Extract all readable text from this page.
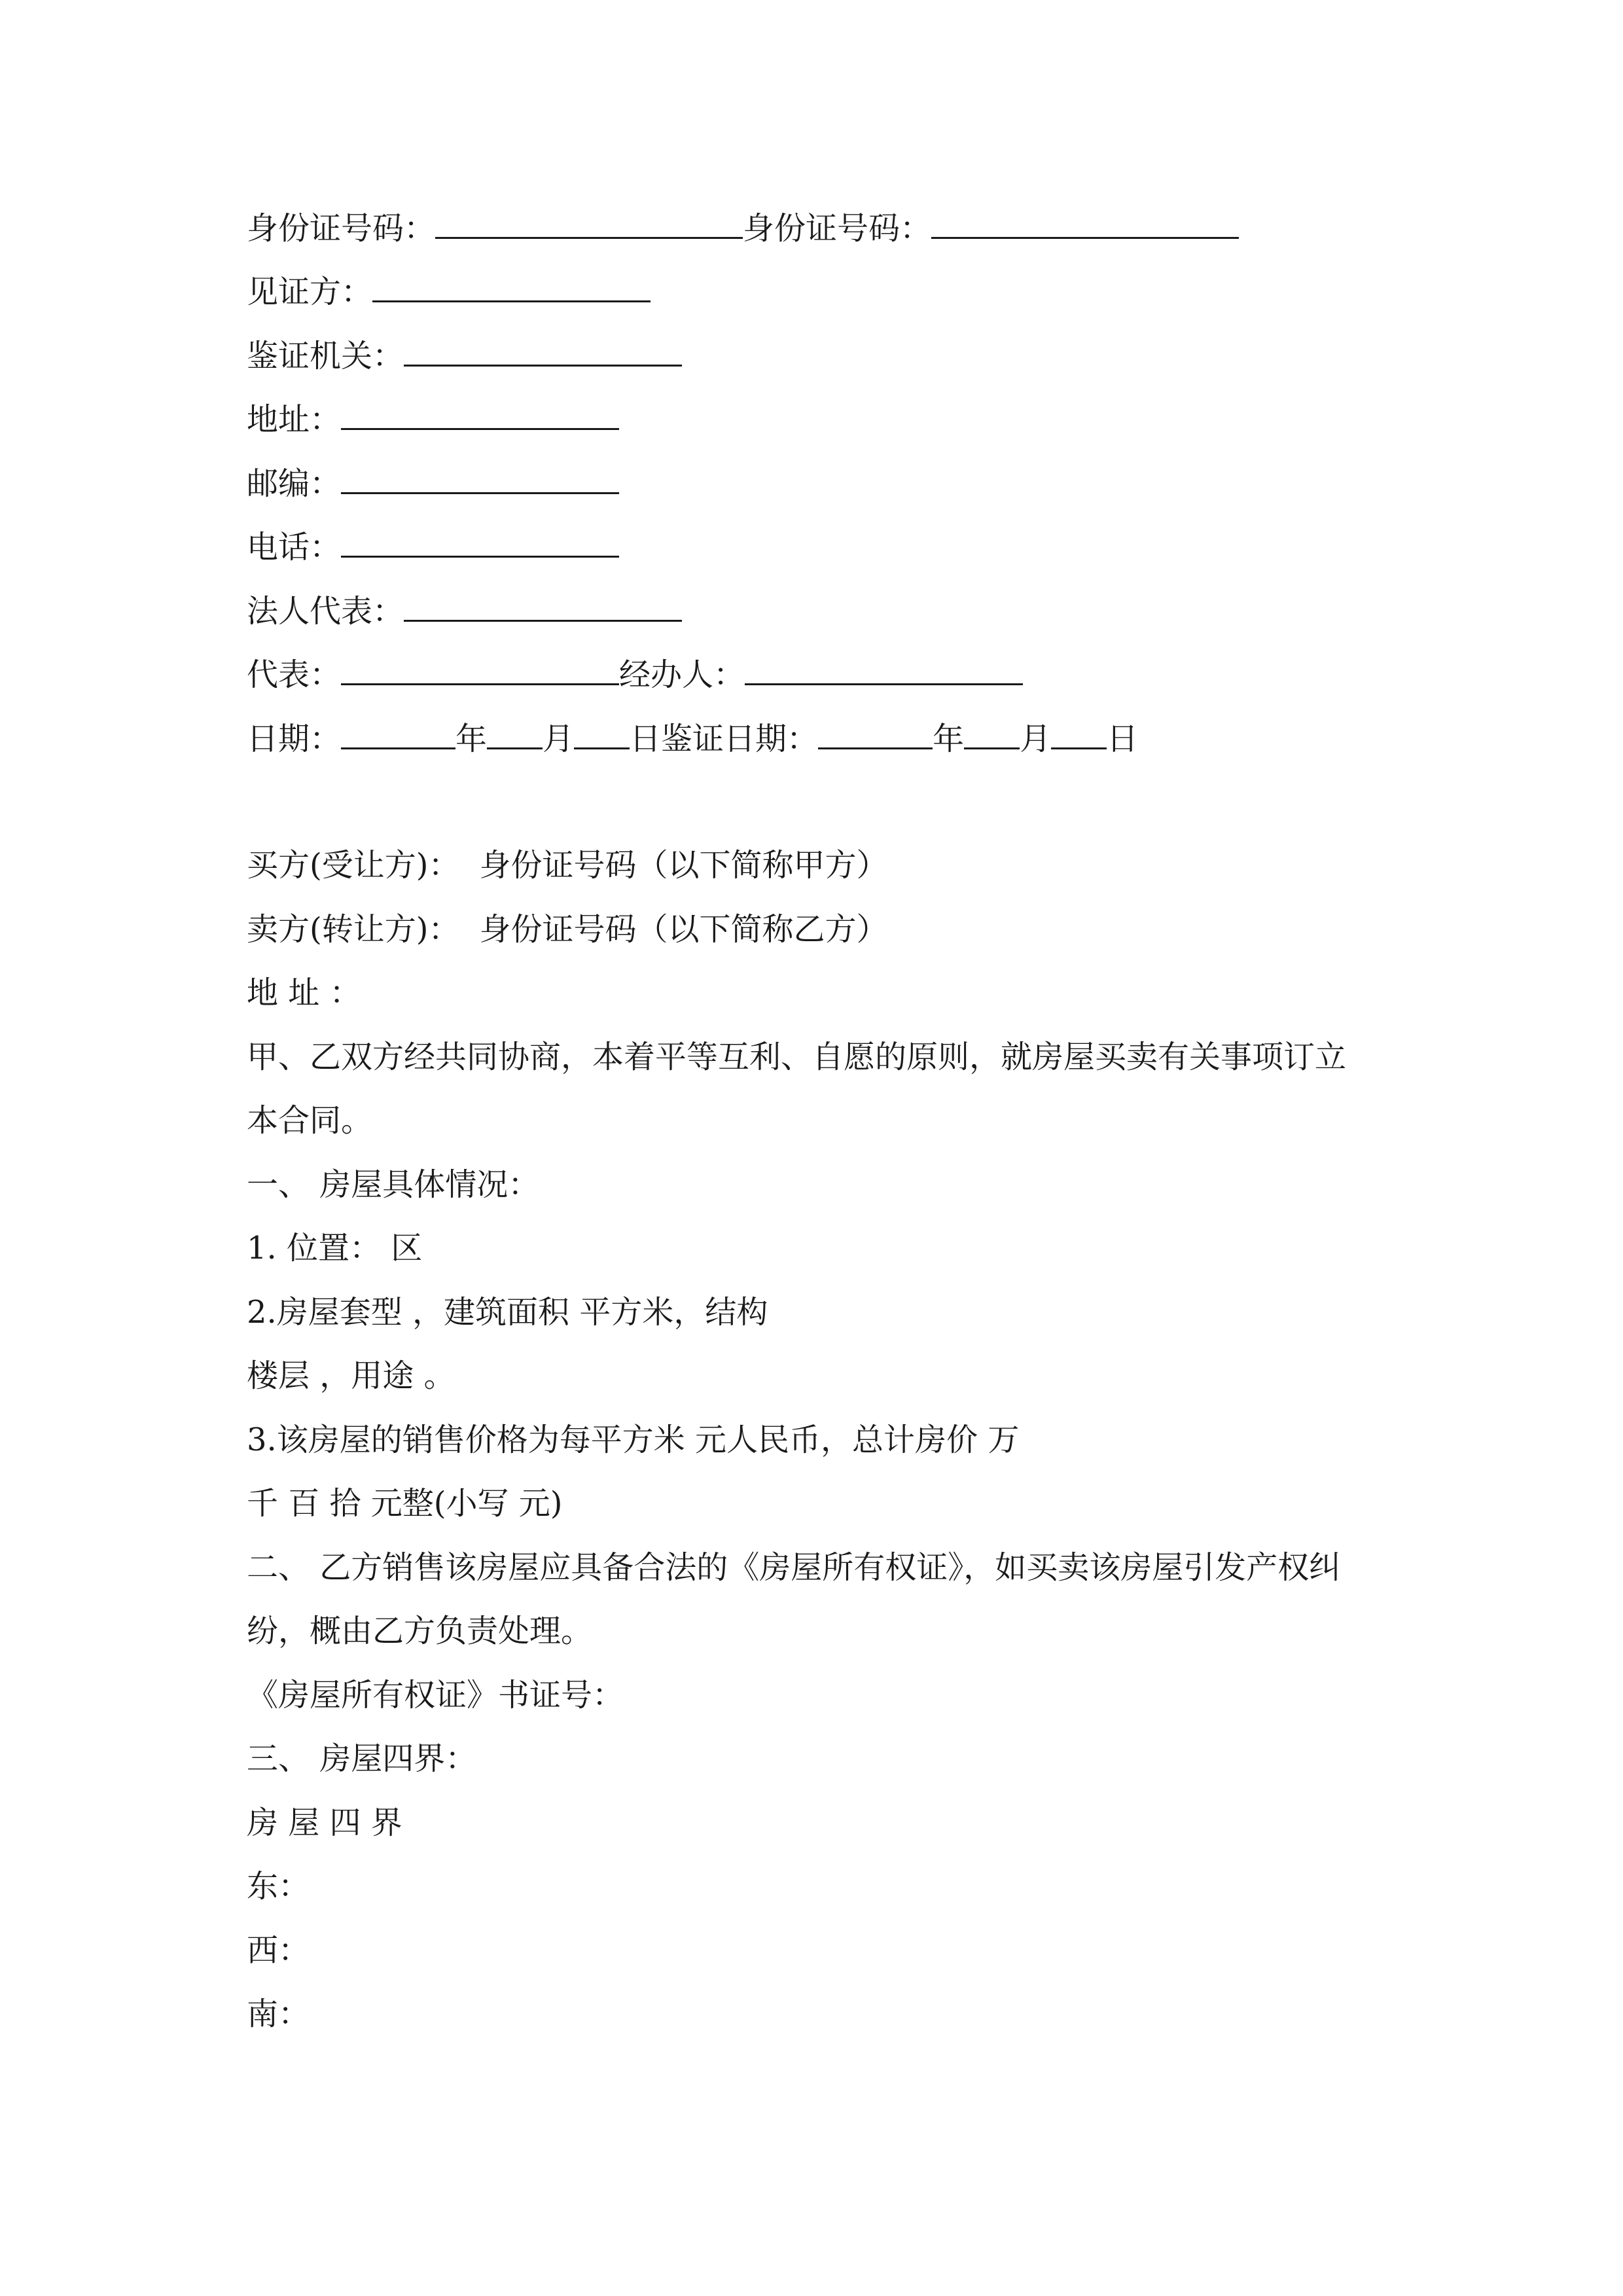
身份证号码：	身份证号码：
见证方：
鉴证机关：
地址：
邮编：
电话：
法人代表：
代表：	经办人：
日期：	年 月 日鉴证日期：	年 月 日
买方(受让方)： 身份证号码（以下简称甲方）
卖方(转让方)： 身份证号码（以下简称乙方）
地 址 ：
甲、乙双方经共同协商，本着平等互利、自愿的原则，就房屋买卖有关事项订立
本合同。
一、 房屋具体情况：
1. 位置： 区
2.房屋套型 ，建筑面积 平方米，结构
楼层 ，用途 。
3.该房屋的销售价格为每平方米 元人民币，总计房价 万
千 百 拾 元整(小写 元)
二、 乙方销售该房屋应具备合法的《房屋所有权证》，如买卖该房屋引发产权纠
纷，概由乙方负责处理。
《房屋所有权证》书证号：
三、 房屋四界：
房 屋 四 界
东：
西：
南：
